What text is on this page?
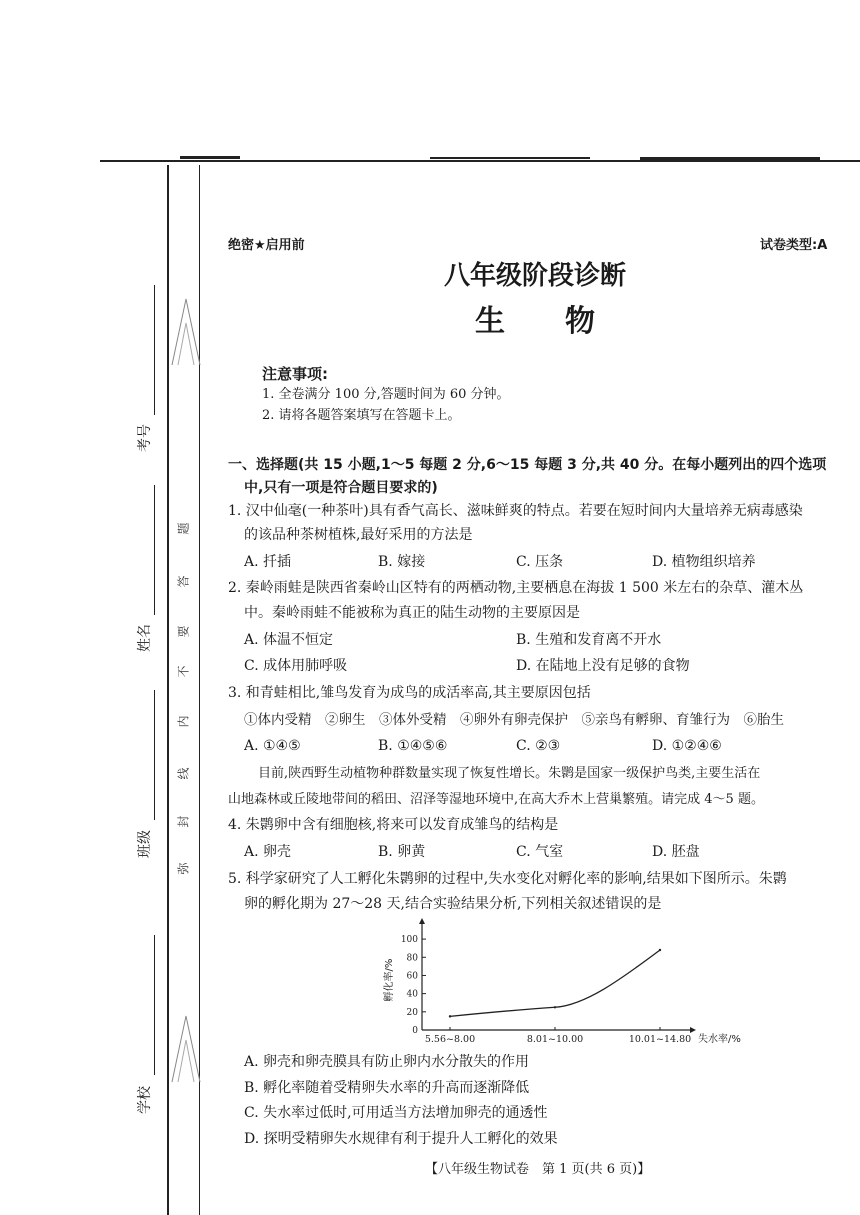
考号
姓名
班级
学校
题
答
要
不
内
线
封
弥
绝密★启用前	试卷类型:A
八年级阶段诊断
生　　物
注意事项:
1. 全卷满分 100 分,答题时间为 60 分钟。
2. 请将各题答案填写在答题卡上。
一、选择题(共 15 小题,1～5 每题 2 分,6～15 每题 3 分,共 40 分。在每小题列出的四个选项
中,只有一项是符合题目要求的)
1. 汉中仙毫(一种茶叶)具有香气高长、滋味鲜爽的特点。若要在短时间内大量培养无病毒感染
的该品种茶树植株,最好采用的方法是
A. 扦插	B. 嫁接	C. 压条	D. 植物组织培养
2. 秦岭雨蛙是陕西省秦岭山区特有的两栖动物,主要栖息在海拔 1 500 米左右的杂草、灌木丛
中。秦岭雨蛙不能被称为真正的陆生动物的主要原因是
A. 体温不恒定	B. 生殖和发育离不开水
C. 成体用肺呼吸	D. 在陆地上没有足够的食物
3. 和青蛙相比,雏鸟发育为成鸟的成活率高,其主要原因包括
①体内受精　②卵生　③体外受精　④卵外有卵壳保护　⑤亲鸟有孵卵、育雏行为　⑥胎生
A. ①④⑤	B. ①④⑤⑥	C. ②③	D. ①②④⑥
目前,陕西野生动植物种群数量实现了恢复性增长。朱鹮是国家一级保护鸟类,主要生活在
山地森林或丘陵地带间的稻田、沼泽等湿地环境中,在高大乔木上营巢繁殖。请完成 4～5 题。
4. 朱鹮卵中含有细胞核,将来可以发育成雏鸟的结构是
A. 卵壳	B. 卵黄	C. 气室	D. 胚盘
5. 科学家研究了人工孵化朱鹮卵的过程中,失水变化对孵化率的影响,结果如下图所示。朱鹮
卵的孵化期为 27～28 天,结合实验结果分析,下列相关叙述错误的是
0
20
40
60
80
100
孵化率/%
5.56~8.00	8.01~10.00	10.01~14.80 失水率/%
A. 卵壳和卵壳膜具有防止卵内水分散失的作用
B. 孵化率随着受精卵失水率的升高而逐渐降低
C. 失水率过低时,可用适当方法增加卵壳的通透性
D. 探明受精卵失水规律有利于提升人工孵化的效果
【八年级生物试卷　第 1 页(共 6 页)】
